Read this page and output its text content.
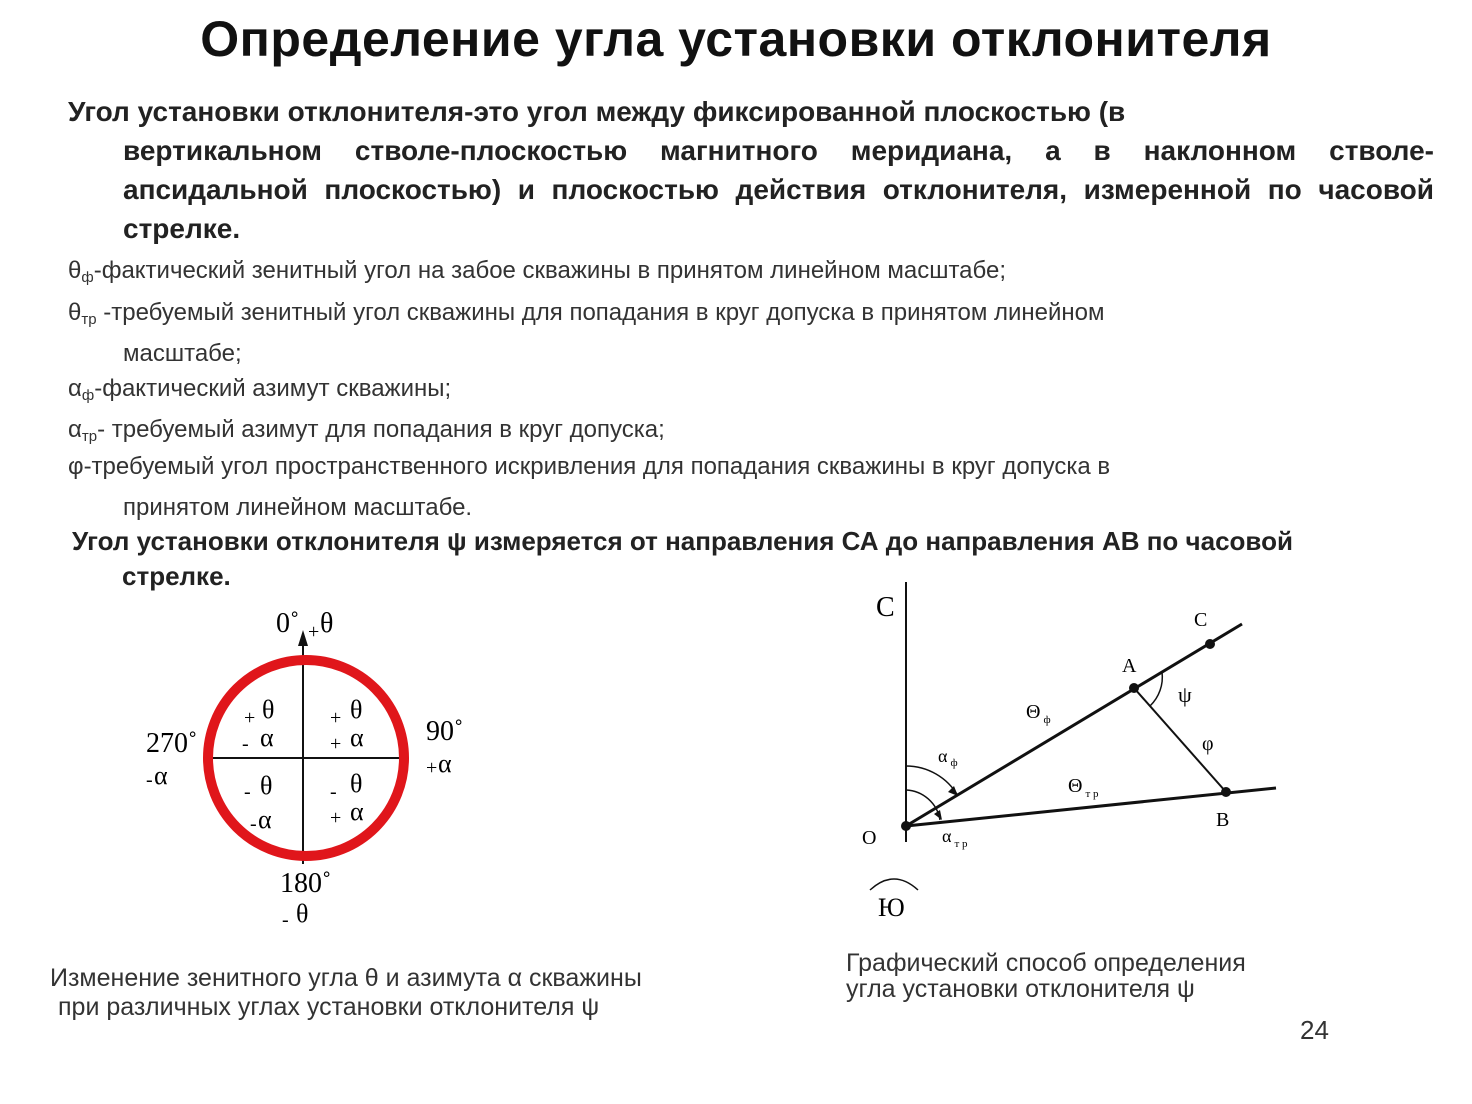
Определение угла установки отклонителя
Угол установки отклонителя-это угол между фиксированной плоскостью (в
вертикальном стволе-плоскостью магнитного меридиана, а в наклонном стволе-апсидальной плоскостью) и плоскостью действия отклонителя, измеренной по часовой стрелке.
$\theta_ф$-фактический зенитный угол на забое скважины в принятом линейном масштабе;
$\theta_{тр}$ -требуемый зенитный угол скважины для попадания в круг допуска в принятом линейном
масштабе;
$\alpha_ф$-фактический азимут скважины;
$\alpha_{тр}-$ требуемый азимут для попадания в круг допуска;
φ-требуемый угол пространственного искривления для попадания скважины в круг допуска в
принятом линейном масштабе.
Угол установки отклонителя ψ измеряется от направления СА до направления АВ по часовой
стрелке.
0˚ + θ
270˚
- α
90˚
+ α
180˚
- θ
+ θ
- α
+ θ
+ α
- θ
- α
- θ
+ α
С	C
A
ψ
φ
Θ $_ф$
Θ $_{т р}$
α $_ф$
α $_{т р}$
O
B
Ю
Изменение зенитного угла θ и азимута α скважины
при различных углах установки отклонителя ψ
Графический способ определения
угла установки отклонителя ψ
24
